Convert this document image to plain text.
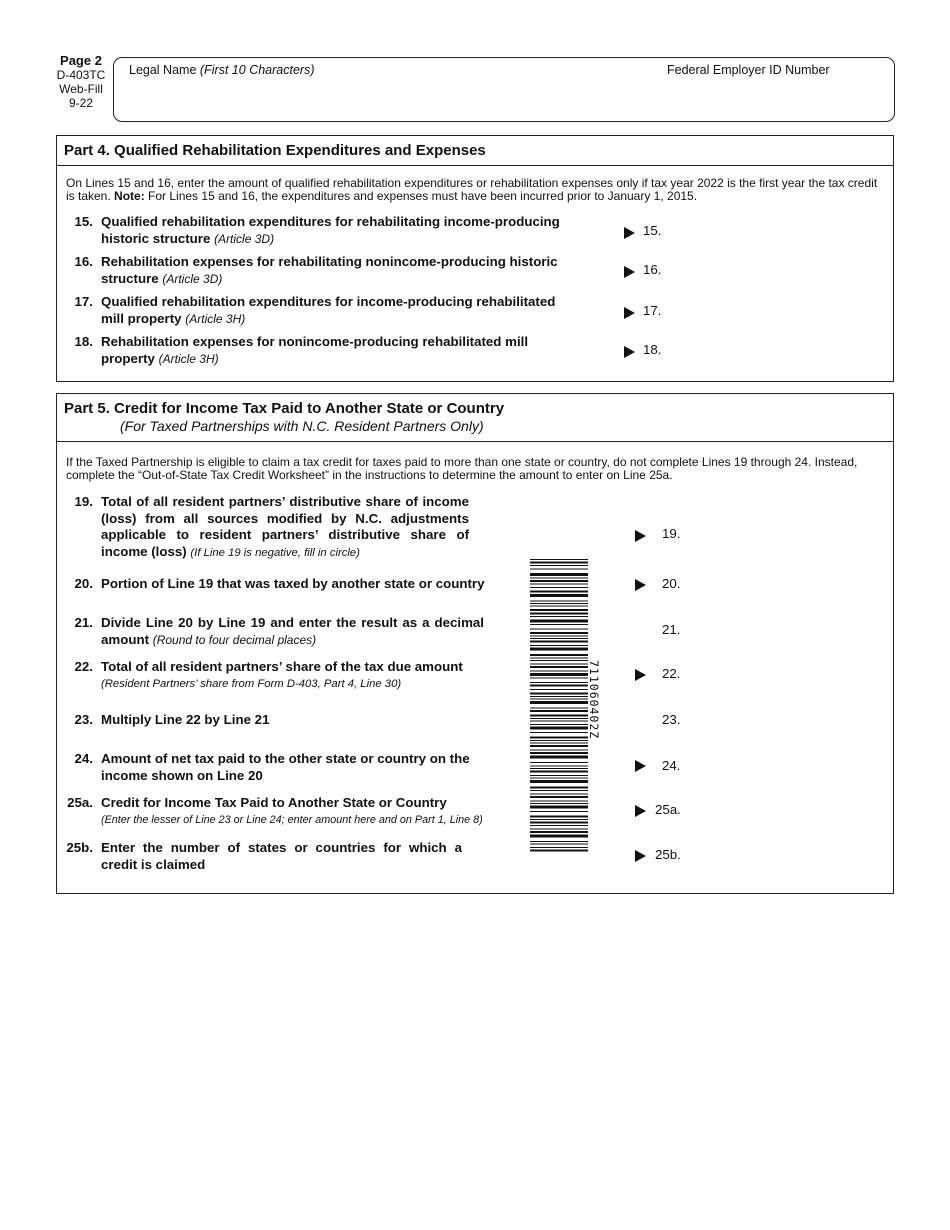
Page 2
D-403TC
Web-Fill
9-22
Legal Name (First 10 Characters)	Federal Employer ID Number
Part 4. Qualified Rehabilitation Expenditures and Expenses
On Lines 15 and 16, enter the amount of qualified rehabilitation expenditures or rehabilitation expenses only if tax year 2022 is the first year the tax credit is taken. Note: For Lines 15 and 16, the expenditures and expenses must have been incurred prior to January 1, 2015.
15. Qualified rehabilitation expenditures for rehabilitating income-producing
historic structure (Article 3D)
15.
16. Rehabilitation expenses for rehabilitating nonincome-producing historic
structure (Article 3D)
16.
17. Qualified rehabilitation expenditures for income-producing rehabilitated
mill property (Article 3H)
17.
18. Rehabilitation expenses for nonincome-producing rehabilitated mill
property (Article 3H)
18.
Part 5. Credit for Income Tax Paid to Another State or Country
(For Taxed Partnerships with N.C. Resident Partners Only)
If the Taxed Partnership is eligible to claim a tax credit for taxes paid to more than one state or country, do not complete Lines 19 through 24. Instead, complete the “Out-of-State Tax Credit Worksheet” in the instructions to determine the amount to enter on Line 25a.
19. Total of all resident partners’ distributive share of income
(loss) from all sources modified by N.C. adjustments
applicable to resident partners’ distributive share of
income (loss) (If Line 19 is negative, fill in circle)
19.
20. Portion of Line 19 that was taxed by another state or country	20.
21. Divide Line 20 by Line 19 and enter the result as a decimal
amount (Round to four decimal places)
21.
22. Total of all resident partners’ share of the tax due amount
(Resident Partners’ share from Form D-403, Part 4, Line 30)
22.
23. Multiply Line 22 by Line 21	23.
24. Amount of net tax paid to the other state or country on the
income shown on Line 20
24.
25a. Credit for Income Tax Paid to Another State or Country
(Enter the lesser of Line 23 or Line 24; enter amount here and on Part 1, Line 8)
25a.
25b. Enter the number of states or countries for which a
credit is claimed
25b.
711060402Z
